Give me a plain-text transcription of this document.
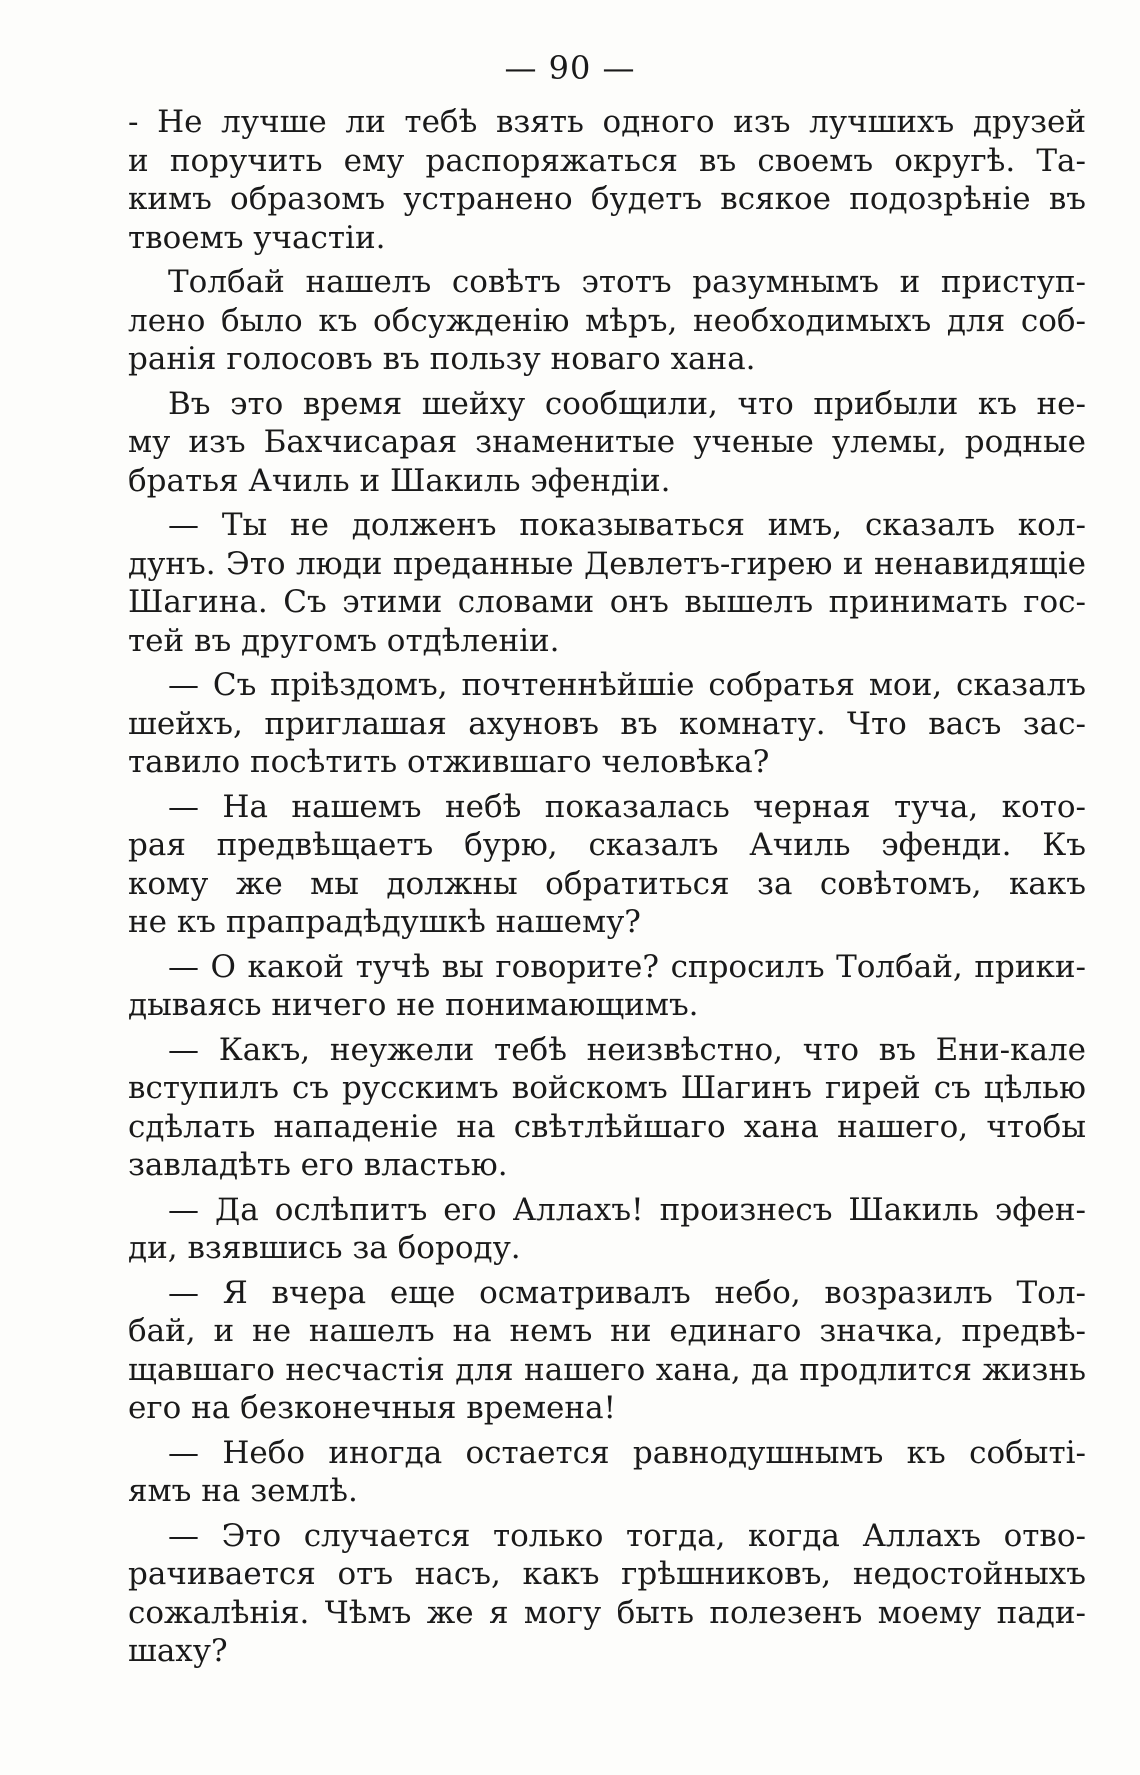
— 90 —
- Не лучше ли тебѣ взять одного изъ лучшихъ друзей
и поручить ему распоряжаться въ своемъ округѣ. Та-
кимъ образомъ устранено будетъ всякое подозрѣніе въ
твоемъ участіи.
Толбай нашелъ совѣтъ этотъ разумнымъ и приступ-
лено было къ обсужденію мѣръ, необходимыхъ для соб-
ранія голосовъ въ пользу новаго хана.
Въ это время шейху сообщили, что прибыли къ не-
му изъ Бахчисарая знаменитые ученые улемы, родные
братья Ачиль и Шакиль эфендіи.
— Ты не долженъ показываться имъ, сказалъ кол-
дунъ. Это люди преданные Девлетъ-гирею и ненавидящіе
Шагина. Съ этими словами онъ вышелъ принимать гос-
тей въ другомъ отдѣленіи.
— Съ прiѣздомъ, почтеннѣйшіе собратья мои, сказалъ
шейхъ, приглашая ахуновъ въ комнату. Что васъ зас-
тавило посѣтить отжившаго человѣка?
— На нашемъ небѣ показалась черная туча, кото-
рая предвѣщаетъ бурю, сказалъ Ачиль эфенди. Къ
кому же мы должны обратиться за совѣтомъ, какъ
не къ прапрадѣдушкѣ нашему?
— О какой тучѣ вы говорите? спросилъ Толбай, прики-
дываясь ничего не понимающимъ.
— Какъ, неужели тебѣ неизвѣстно, что въ Ени-кале
вступилъ съ русскимъ войскомъ Шагинъ гирей съ цѣлью
сдѣлать нападеніе на свѣтлѣйшаго хана нашего, чтобы
завладѣть его властью.
— Да ослѣпитъ его Аллахъ! произнесъ Шакиль эфен-
ди, взявшись за бороду.
— Я вчера еще осматривалъ небо, возразилъ Тол-
бай, и не нашелъ на немъ ни единаго значка, предвѣ-
щавшаго несчастія для нашего хана, да продлится жизнь
его на безконечныя времена!
— Небо иногда остается равнодушнымъ къ событі-
ямъ на землѣ.
— Это случается только тогда, когда Аллахъ отво-
рачивается отъ насъ, какъ грѣшниковъ, недостойныхъ
сожалѣнія. Чѣмъ же я могу быть полезенъ моему пади-
шаху?
